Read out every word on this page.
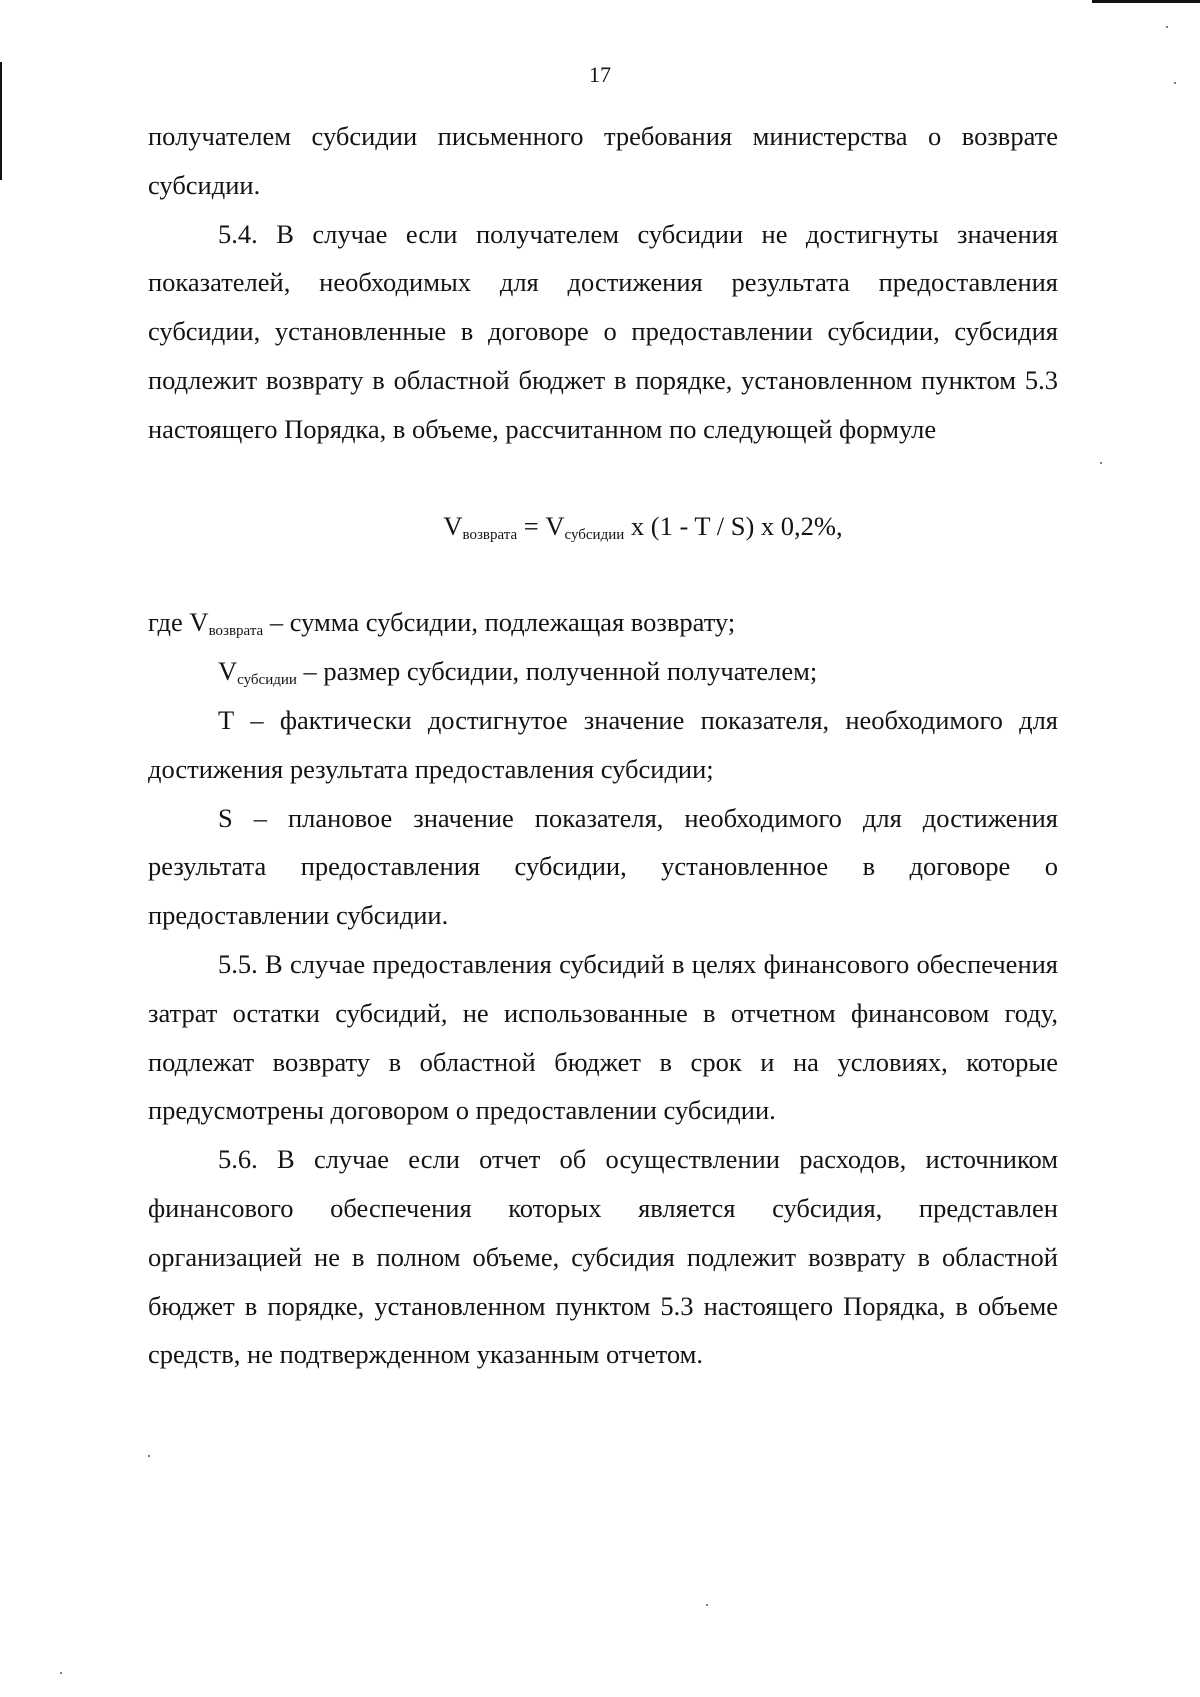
17

получателем субсидии письменного требования министерства о возврате субсидии.

5.4. В случае если получателем субсидии не достигнуты значения показателей, необходимых для достижения результата предоставления субсидии, установленные в договоре о предоставлении субсидии, субсидия подлежит возврату в областной бюджет в порядке, установленном пунктом 5.3 настоящего Порядка, в объеме, рассчитанном по следующей формуле

$V_{возврата} = V_{субсидии}$ x (1 - T / S) x 0,2%,

где $V_{возврата}$ – сумма субсидии, подлежащая возврату;

$V_{субсидии}$ – размер субсидии, полученной получателем;

Т – фактически достигнутое значение показателя, необходимого для достижения результата предоставления субсидии;

S – плановое значение показателя, необходимого для достижения результата предоставления субсидии, установленное в договоре о предоставлении субсидии.

5.5. В случае предоставления субсидий в целях финансового обеспечения затрат остатки субсидий, не использованные в отчетном финансовом году, подлежат возврату в областной бюджет в срок и на условиях, которые предусмотрены договором о предоставлении субсидии.

5.6. В случае если отчет об осуществлении расходов, источником финансового обеспечения которых является субсидия, представлен организацией не в полном объеме, субсидия подлежит возврату в областной бюджет в порядке, установленном пунктом 5.3 настоящего Порядка, в объеме средств, не подтвержденном указанным отчетом.
